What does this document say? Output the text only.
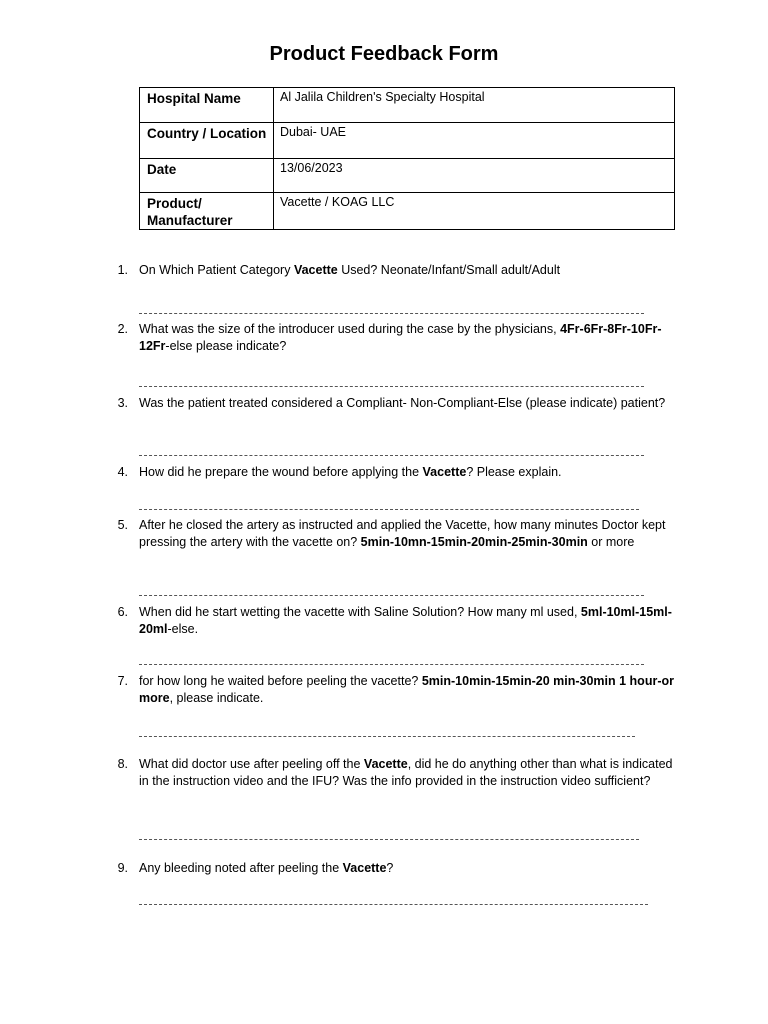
Product Feedback Form
Hospital Name	Al Jalila Children's Specialty Hospital
Country / Location	Dubai- UAE
Date	13/06/2023
Product/ Manufacturer	Vacette / KOAG LLC
1. On Which Patient Category Vacette Used? Neonate/Infant/Small adult/Adult
2. What was the size of the introducer used during the case by the physicians, 4Fr-6Fr-8Fr-10Fr-12Fr-else please indicate?
3. Was the patient treated considered a Compliant- Non-Compliant-Else (please indicate) patient?
4. How did he prepare the wound before applying the Vacette? Please explain.
5. After he closed the artery as instructed and applied the Vacette, how many minutes Doctor kept pressing the artery with the vacette on? 5min-10mn-15min-20min-25min-30min or more
6. When did he start wetting the vacette with Saline Solution? How many ml used, 5ml-10ml-15ml-20ml-else.
7. for how long he waited before peeling the vacette? 5min-10min-15min-20 min-30min 1 hour-or more, please indicate.
8. What did doctor use after peeling off the Vacette, did he do anything other than what is indicated in the instruction video and the IFU? Was the info provided in the instruction video sufficient?
9. Any bleeding noted after peeling the Vacette?
